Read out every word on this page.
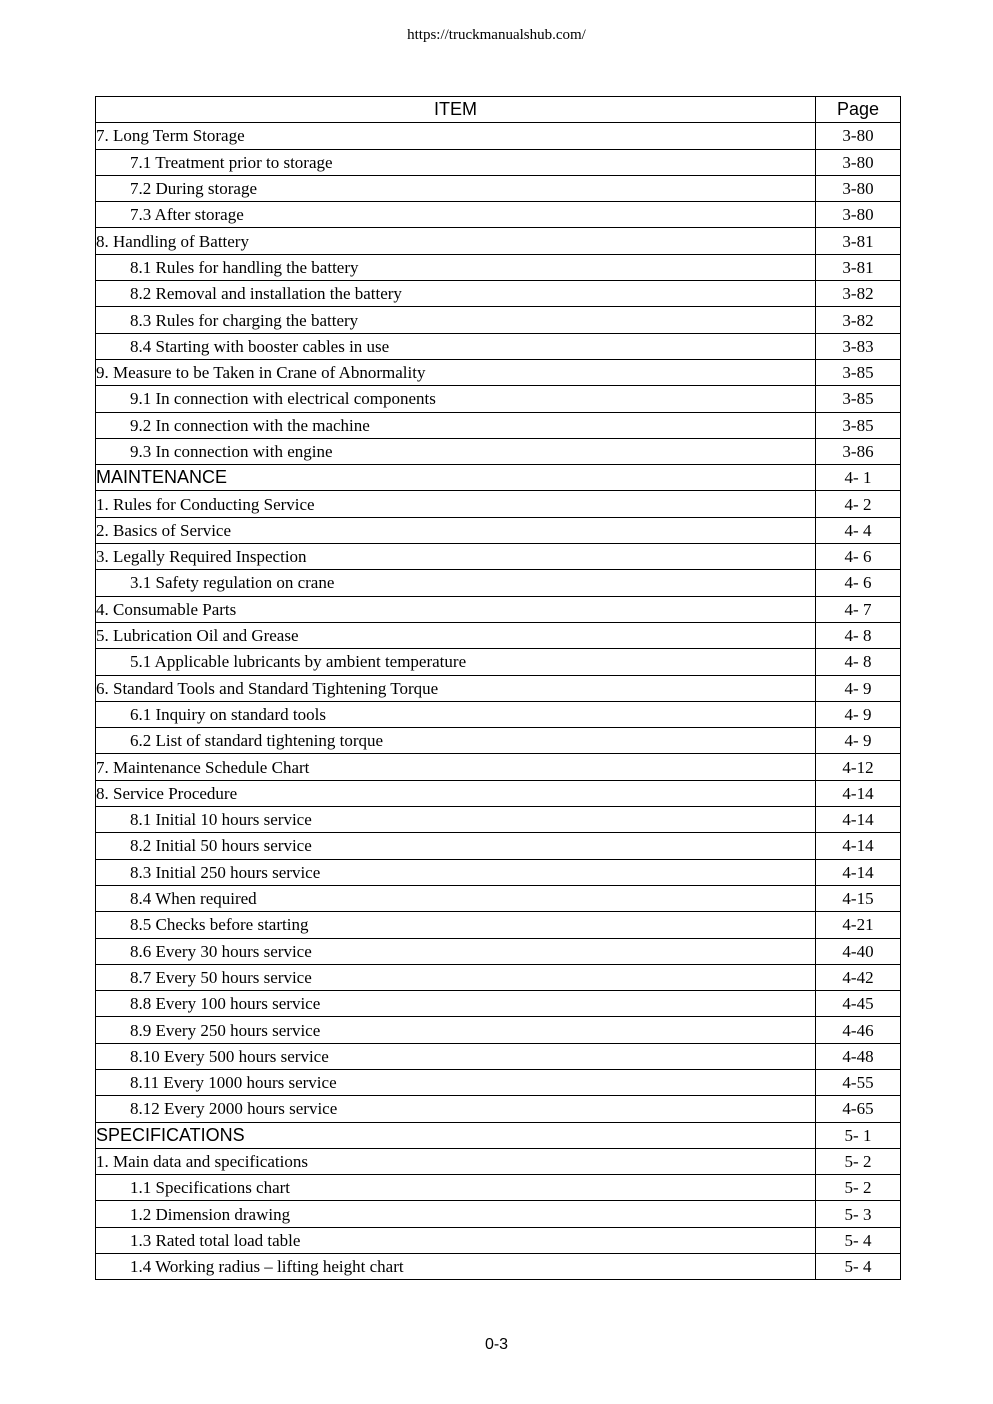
https://truckmanualshub.com/
ITEM	Page
7. Long Term Storage	3-80
7.1 Treatment prior to storage	3-80
7.2 During storage	3-80
7.3 After storage	3-80
8. Handling of Battery	3-81
8.1 Rules for handling the battery	3-81
8.2 Removal and installation the battery	3-82
8.3 Rules for charging the battery	3-82
8.4 Starting with booster cables in use	3-83
9. Measure to be Taken in Crane of Abnormality	3-85
9.1 In connection with electrical components	3-85
9.2 In connection with the machine	3-85
9.3 In connection with engine	3-86
MAINTENANCE	4- 1
1. Rules for Conducting Service	4- 2
2. Basics of Service	4- 4
3. Legally Required Inspection	4- 6
3.1 Safety regulation on crane	4- 6
4. Consumable Parts	4- 7
5. Lubrication Oil and Grease	4- 8
5.1 Applicable lubricants by ambient temperature	4- 8
6. Standard Tools and Standard Tightening Torque	4- 9
6.1 Inquiry on standard tools	4- 9
6.2 List of standard tightening torque	4- 9
7. Maintenance Schedule Chart	4-12
8. Service Procedure	4-14
8.1 Initial 10 hours service	4-14
8.2 Initial 50 hours service	4-14
8.3 Initial 250 hours service	4-14
8.4 When required	4-15
8.5 Checks before starting	4-21
8.6 Every 30 hours service	4-40
8.7 Every 50 hours service	4-42
8.8 Every 100 hours service	4-45
8.9 Every 250 hours service	4-46
8.10 Every 500 hours service	4-48
8.11 Every 1000 hours service	4-55
8.12 Every 2000 hours service	4-65
SPECIFICATIONS	5- 1
1. Main data and specifications	5- 2
1.1 Specifications chart	5- 2
1.2 Dimension drawing	5- 3
1.3 Rated total load table	5- 4
1.4 Working radius – lifting height chart	5- 4
0-3
